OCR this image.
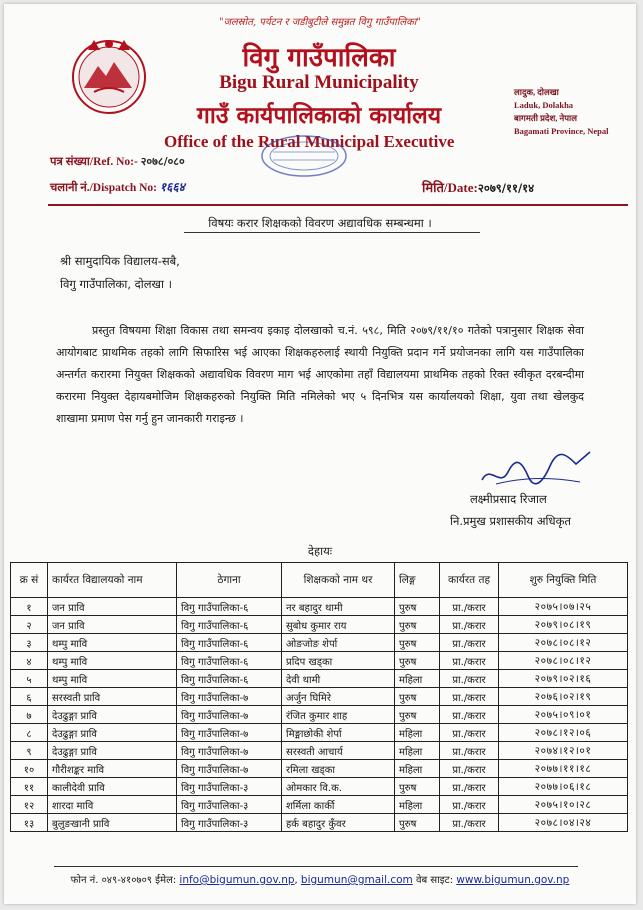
"जलस्रोत, पर्यटन र जडीबुटीले समुन्नत विगु गाउँपालिका"
विगु गाउँपालिका
Bigu Rural Municipality
गाउँ कार्यपालिकाको कार्यालय
Office of the Rural Municipal Executive
लादुक, दोलखा
Laduk, Dolakha
बागमती प्रदेश, नेपाल
Bagamati Province, Nepal
पत्र संख्या/Ref. No:- २०७८/०८०
चलानी नं./Dispatch No: १६६४	मिति/Date:२०७९/११/१४
विषयः करार शिक्षकको विवरण अद्यावधिक सम्बन्धमा ।
श्री सामुदायिक विद्यालय-सबै,
विगु गाउँपालिका, दोलखा ।
प्रस्तुत विषयमा शिक्षा विकास तथा समन्वय इकाइ दोलखाको च.नं. ५९८, मिति २०७९/११/१० गतेको पत्रानुसार शिक्षक सेवा आयोगबाट प्राथमिक तहको लागि सिफारिस भई आएका शिक्षकहरुलाई स्थायी नियुक्ति प्रदान गर्ने प्रयोजनका लागि यस गाउँपालिका अन्तर्गत करारमा नियुक्त शिक्षकको अद्यावधिक विवरण माग भई आएकोमा तहाँ विद्यालयमा प्राथमिक तहको रिक्त स्वीकृत दरबन्दीमा करारमा नियुक्त देहायबमोजिम शिक्षकहरुको नियुक्ति मिति नमिलेको भए ५ दिनभित्र यस कार्यालयको शिक्षा, युवा तथा खेलकुद शाखामा प्रमाण पेस गर्नु हुन जानकारी गराइन्छ ।
लक्ष्मीप्रसाद रिजाल
नि.प्रमुख प्रशासकीय अधिकृत
देहायः
क्र सं	कार्यरत विद्यालयको नाम	ठेगाना	शिक्षकको नाम थर	लिङ्ग	कार्यरत तह	शुरु नियुक्ति मिति
१	जन प्रावि	विगु गाउँपालिका-६	नर बहादुर थामी	पुरुष	प्रा./करार	२०७५।०७।२५
२	जन प्रावि	विगु गाउँपालिका-६	सुबोध कुमार राय	पुरुष	प्रा./करार	२०७९।०८।१९
३	थम्पु मावि	विगु गाउँपालिका-६	ओङजोङ शेर्पा	पुरुष	प्रा./करार	२०७८।०८।१२
४	थम्पु मावि	विगु गाउँपालिका-६	प्रदिप खड्का	पुरुष	प्रा./करार	२०७८।०८।१२
५	थम्पु मावि	विगु गाउँपालिका-६	देवी थामी	महिला	प्रा./करार	२०७९।०२।१६
६	सरस्वती प्रावि	विगु गाउँपालिका-७	अर्जुन घिमिरे	पुरुष	प्रा./करार	२०७६।०२।१९
७	देउढुङ्गा प्रावि	विगु गाउँपालिका-७	रंजित कुमार शाह	पुरुष	प्रा./करार	२०७५।०९।०१
८	देउढुङ्गा प्रावि	विगु गाउँपालिका-७	मिङ्माछोकी शेर्पा	महिला	प्रा./करार	२०७८।१२।०६
९	देउढुङ्गा प्रावि	विगु गाउँपालिका-७	सरस्वती आचार्य	महिला	प्रा./करार	२०७४।१२।०१
१०	गौरीशङ्कर मावि	विगु गाउँपालिका-७	रमिला खड्का	महिला	प्रा./करार	२०७७।११।१८
११	कालीदेवी प्रावि	विगु गाउँपालिका-३	ओमकार वि.क.	पुरुष	प्रा./करार	२०७७।०६।१८
१२	शारदा मावि	विगु गाउँपालिका-३	शर्मिला कार्की	महिला	प्रा./करार	२०७५।१०।२८
१३	बुलुङखानी प्रावि	विगु गाउँपालिका-३	हर्क बहादुर कुँवर	पुरुष	प्रा./करार	२०७८।०४।२४
फोन नं. ०४९-४१०७०९ ईमेल: info@bigumun.gov.np, bigumun@gmail.com वेब साइट: www.bigumun.gov.np
